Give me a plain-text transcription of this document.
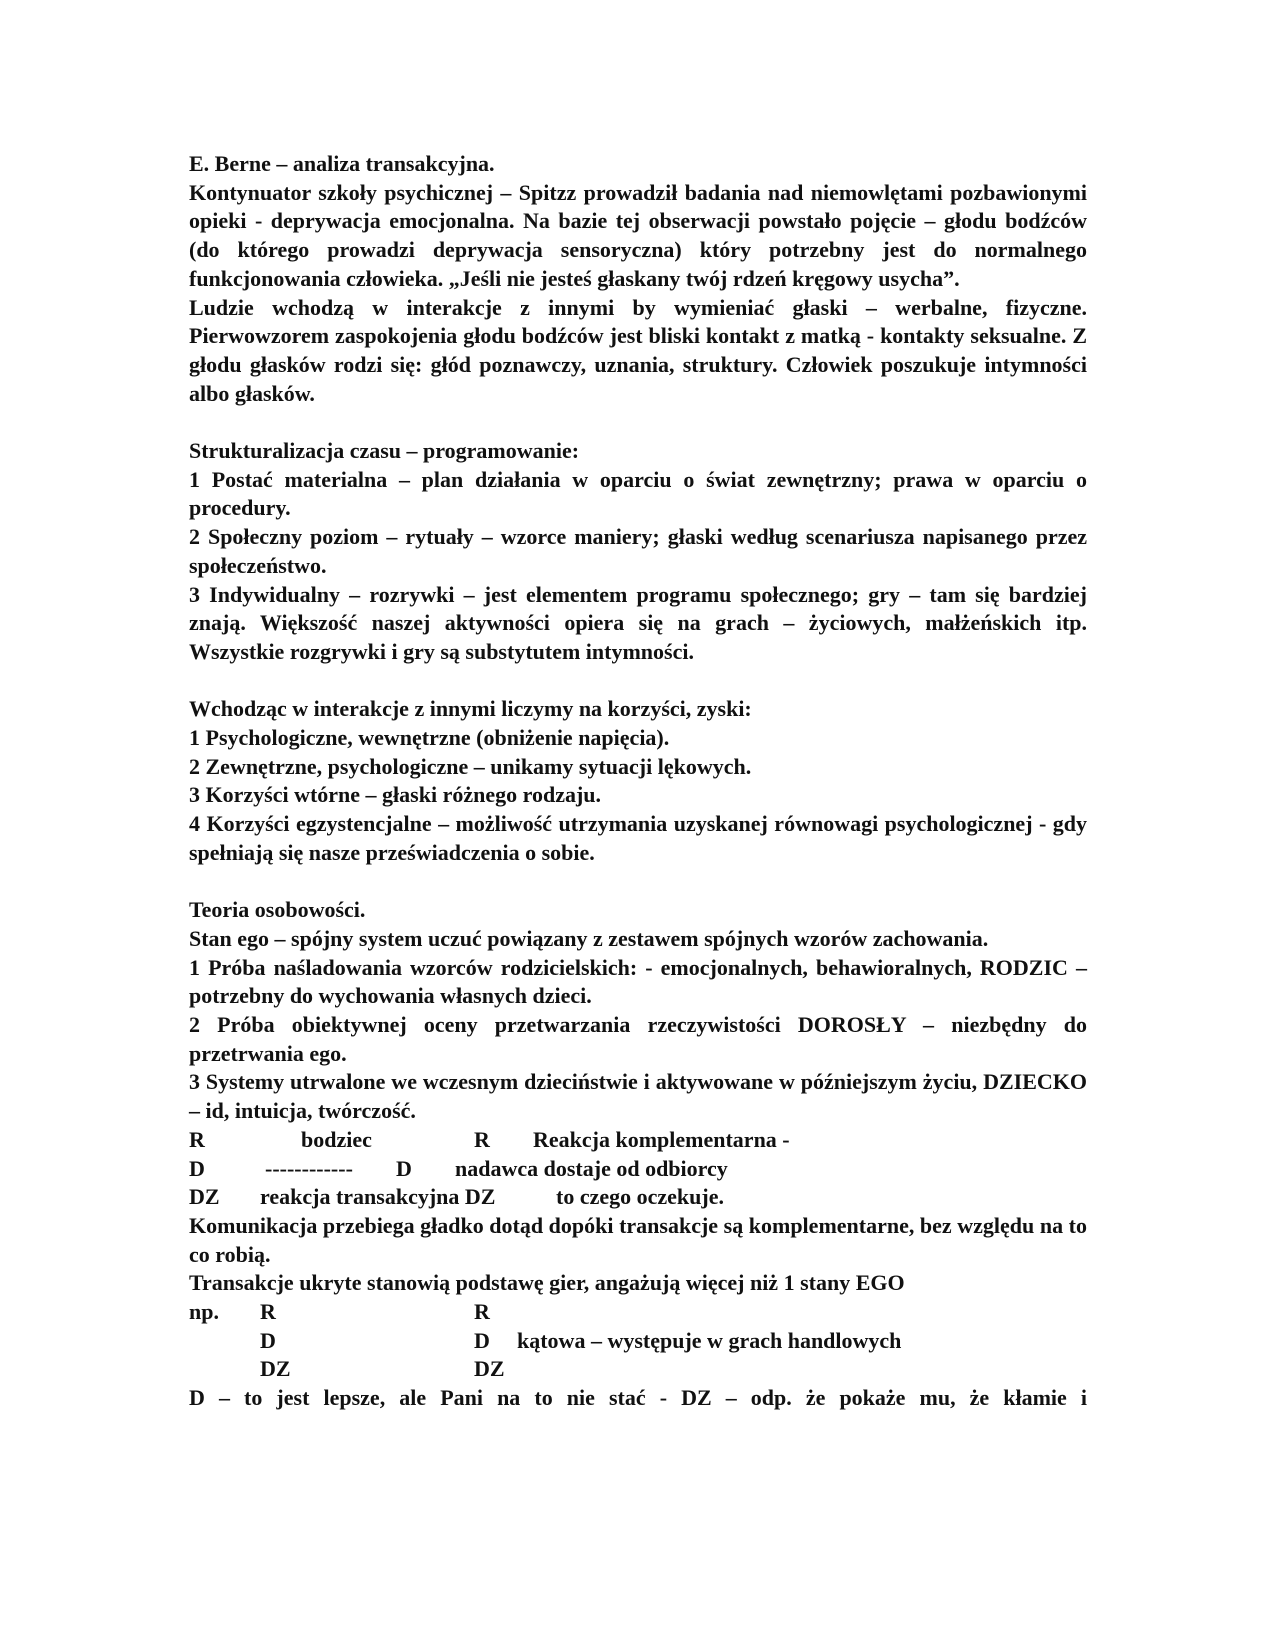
E. Berne – analiza transakcyjna.

Kontynuator szkoły psychicznej – Spitzz prowadził badania nad niemowlętami pozbawionymi opieki - deprywacja emocjonalna. Na bazie tej obserwacji powstało pojęcie – głodu bodźców (do którego prowadzi deprywacja sensoryczna) który potrzebny jest do normalnego funkcjonowania człowieka. „Jeśli nie jesteś głaskany twój rdzeń kręgowy usycha”.

Ludzie wchodzą w interakcje z innymi by wymieniać głaski – werbalne, fizyczne. Pierwowzorem zaspokojenia głodu bodźców jest bliski kontakt z matką - kontakty seksualne. Z głodu głasków rodzi się: głód poznawczy, uznania, struktury. Człowiek poszukuje intymności albo głasków.

Strukturalizacja czasu – programowanie:

1 Postać materialna – plan działania w oparciu o świat zewnętrzny; prawa w oparciu o procedury.

2 Społeczny poziom – rytuały – wzorce maniery; głaski według scenariusza napisanego przez społeczeństwo.

3 Indywidualny – rozrywki – jest elementem programu społecznego; gry – tam się bardziej znają. Większość naszej aktywności opiera się na grach – życiowych, małżeńskich itp. Wszystkie rozgrywki i gry są substytutem intymności.

Wchodząc w interakcje z innymi liczymy na korzyści, zyski:

1 Psychologiczne, wewnętrzne (obniżenie napięcia).

2 Zewnętrzne, psychologiczne – unikamy sytuacji lękowych.

3 Korzyści wtórne – głaski różnego rodzaju.

4 Korzyści egzystencjalne – możliwość utrzymania uzyskanej równowagi psychologicznej - gdy spełniają się nasze przeświadczenia o sobie.

Teoria osobowości.

Stan ego – spójny system uczuć powiązany z zestawem spójnych wzorów zachowania.

1 Próba naśladowania wzorców rodzicielskich: - emocjonalnych, behawioralnych, RODZIC – potrzebny do wychowania własnych dzieci.

2 Próba obiektywnej oceny przetwarzania rzeczywistości DOROSŁY – niezbędny do przetrwania ego.

3 Systemy utrwalone we wczesnym dzieciństwie i aktywowane w późniejszym życiu, DZIECKO – id, intuicja, twórczość.

R	bodziec	R Reakcja komplementarna -
D	------------ D nadawca dostaje od odbiorcy
DZ reakcja transakcyjna DZ	to czego oczekuje.

Komunikacja przebiega gładko dotąd dopóki transakcje są komplementarne, bez względu na to co robią.

Transakcje ukryte stanowią podstawę gier, angażują więcej niż 1 stany EGO

np. R	R
D	D kątowa – występuje w grach handlowych
DZ	DZ

D – to jest lepsze, ale Pani na to nie stać - DZ – odp. że pokaże mu, że kłamie i
